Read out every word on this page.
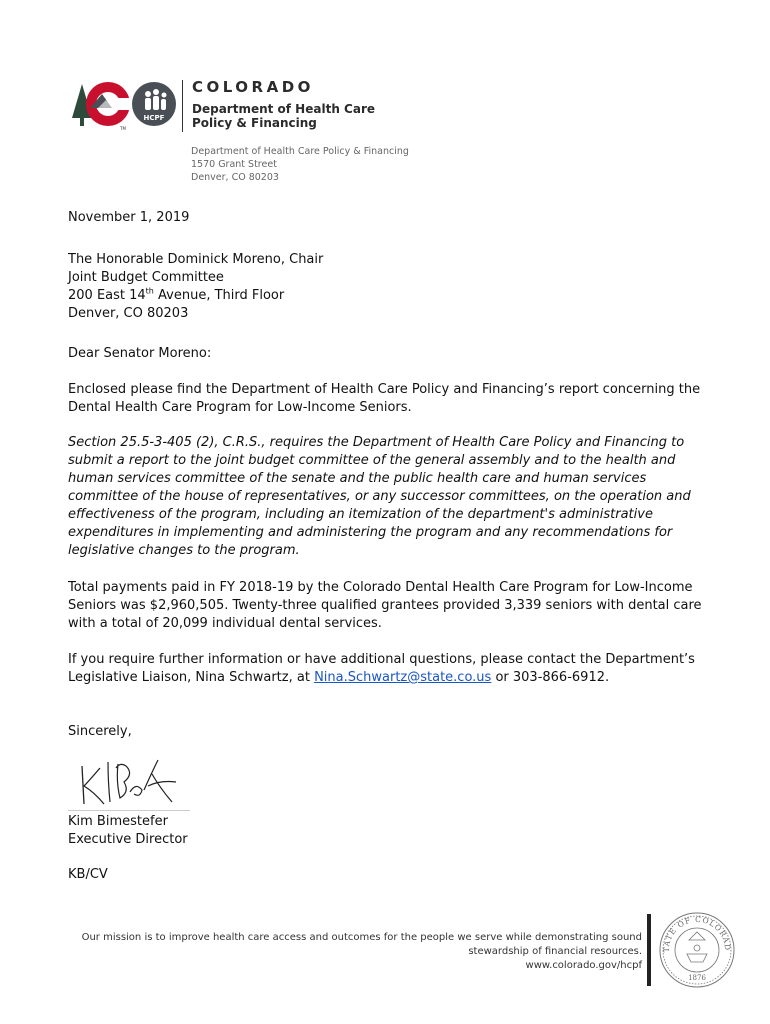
HCPF
TM
COLORADO
Department of Health Care
Policy & Financing
Department of Health Care Policy & Financing
1570 Grant Street
Denver, CO 80203
November 1, 2019
The Honorable Dominick Moreno, Chair
Joint Budget Committee
200 East 14th Avenue, Third Floor
Denver, CO 80203
Dear Senator Moreno:
Enclosed please find the Department of Health Care Policy and Financing’s report concerning the Dental Health Care Program for Low-Income Seniors.
Section 25.5-3-405 (2), C.R.S., requires the Department of Health Care Policy and Financing to submit a report to the joint budget committee of the general assembly and to the health and human services committee of the senate and the public health care and human services committee of the house of representatives, or any successor committees, on the operation and effectiveness of the program, including an itemization of the department's administrative expenditures in implementing and administering the program and any recommendations for legislative changes to the program.
Total payments paid in FY 2018-19 by the Colorado Dental Health Care Program for Low-Income Seniors was $2,960,505. Twenty-three qualified grantees provided 3,339 seniors with dental care with a total of 20,099 individual dental services.
If you require further information or have additional questions, please contact the Department’s Legislative Liaison, Nina Schwartz, at Nina.Schwartz@state.co.us or 303-866-6912.
Sincerely,
Kim Bimestefer
Executive Director
KB/CV
Our mission is to improve health care access and outcomes for the people we serve while demonstrating sound
stewardship of financial resources.
www.colorado.gov/hcpf
TATE OF COLORAD
1876
